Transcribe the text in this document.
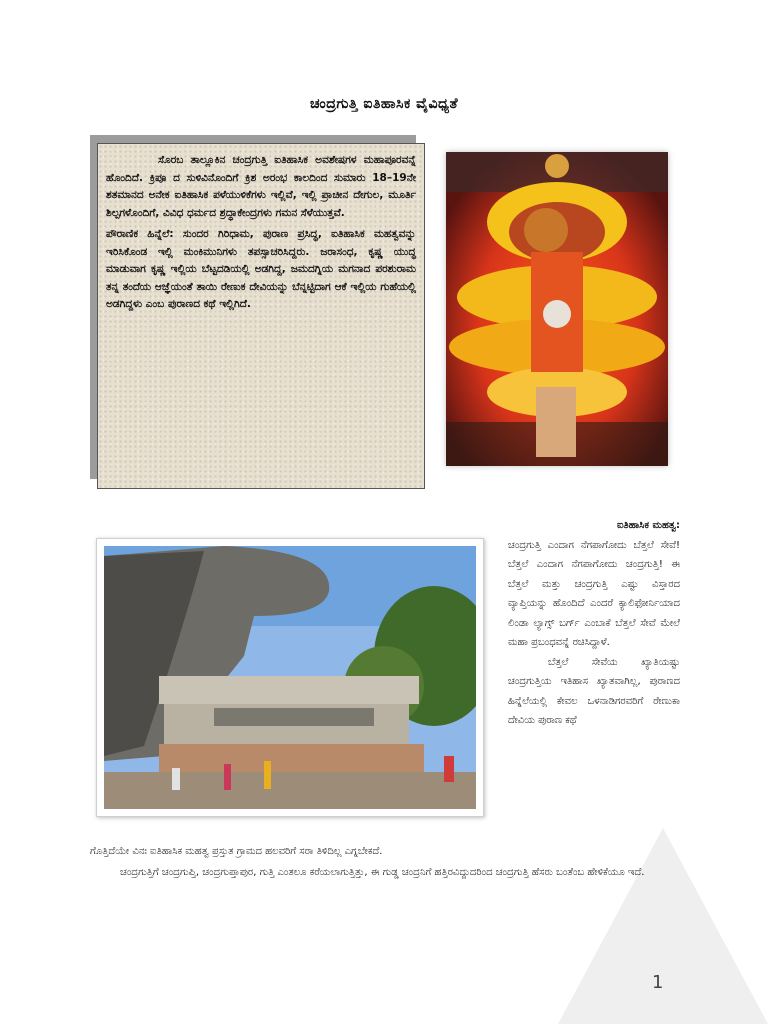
ಚಂದ್ರಗುತ್ತಿ ಐತಿಹಾಸಿಕ ವೈವಿಧ್ಯತೆ

ಸೊರಬ ತಾಲ್ಲೂಕಿನ ಚಂದ್ರಗುತ್ತಿ ಐತಿಹಾಸಿಕ ಅವಶೇಷಗಳ ಮಹಾಪೂರವನ್ನೆ ಹೊಂದಿದೆ. ಕ್ರಿಪೂ ದ ಸುಳಿವಿನೊಂದಿಗೆ ಕ್ರಿಶ ಅರಂಭ ಕಾಲದಿಂದ ಸುಮಾರು 18–19ನೇ ಶತಮಾನದ ಅನೇಕ ಐತಿಹಾಸಿಕ ಪಳೆಯುಳಿಕೆಗಳು ಇಲ್ಲಿವೆ, ಇಲ್ಲಿ ಪ್ರಾಚೀನ ದೇಗುಲ, ಮೂರ್ತಿ ಶಿಲ್ಪಗಳೊಂದಿಗೆ, ವಿವಿಧ ಧರ್ಮದ ಶ್ರದ್ಧಾಕೇಂದ್ರಗಳು ಗಮನ ಸೆಳೆಯುತ್ತವೆ.

ಪೌರಾಣಿಕ ಹಿನ್ನೆಲೆ: ಸುಂದರ ಗಿರಿಧಾಮ, ಪುರಾಣ ಪ್ರಸಿದ್ಧ, ಐತಿಹಾಸಿಕ ಮಹತ್ವವನ್ನು ಇರಿಸಿಕೊಂಡ ಇಲ್ಲಿ ಮಂಕಿಮುನಿಗಳು ತಪಸ್ಸಾಚರಿಸಿದ್ದರು. ಜರಾಸಂಧ, ಕೃಷ್ಣ ಯುದ್ಧ ಮಾಡುವಾಗ ಕೃಷ್ಣ ಇಲ್ಲಿಯ ಬೆಟ್ಟದಡಿಯಲ್ಲಿ ಅಡಗಿದ್ದ, ಜಮದಗ್ನಿಯ ಮಗನಾದ ಪರಶುರಾಮ ತನ್ನ ತಂದೆಯ ಆಜ್ಞೆಯಂತೆ ತಾಯಿ ರೇಣುಕ ದೇವಿಯನ್ನು ಬೆನ್ನಟ್ಟಿದಾಗ ಆಕೆ ಇಲ್ಲಿಯ ಗುಹೆಯಲ್ಲಿ ಅಡಗಿದ್ದಳು ಎಂಬ ಪುರಾಣದ ಕಥೆ ಇಲ್ಲಿಗಿದೆ.

ಐತಿಹಾಸಿಕ ಮಹತ್ವ:

ಚಂದ್ರಗುತ್ತಿ ಎಂದಾಗ ನೆಗಪಾಗೋದು ಬೆತ್ತಲೆ ಸೇವೆ! ಬೆತ್ತಲೆ ಎಂದಾಗ ನೆಗಪಾಗೋದು ಚಂದ್ರಗುತ್ತಿ! ಈ ಬೆತ್ತಲೆ ಮತ್ತು ಚಂದ್ರಗುತ್ತಿ ಎಷ್ಟು ವಿಸ್ತಾರದ ವ್ಯಾಪ್ತಿಯನ್ನು ಹೊಂದಿದೆ ಎಂದರೆ ಕ್ಯಾಲಿಫೋರ್ನಿಯಾದ ಲಿಂಡಾ ಲ್ಯಾಗ್ಸ್ ಬರ್ಗ್ ಎಂಬಾಕೆ ಬೆತ್ತಲೆ ಸೇವೆ ಮೇಲೆ ಮಹಾ ಪ್ರಬಂಧವನ್ನೆ ರಚಿಸಿದ್ದಾಳೆ.

ಬೆತ್ತಲೆ ಸೇವೆಯ ಖ್ಯಾತಿಯಷ್ಟು ಚಂದ್ರಗುತ್ತಿಯ ಇತಿಹಾಸ ಖ್ಯಾತವಾಗಿಲ್ಲ, ಪುರಾಣದ ಹಿನ್ನೆಲೆಯಲ್ಲಿ ಕೇವಲ ಒಳನಾಡಿಗರವರಿಗೆ ರೇಣುಕಾ ದೇವಿಯ ಪುರಾಣ ಕಥೆ

ಗೊತ್ತಿದೆಯೇ ವಿನಃ ಐತಿಹಾಸಿಕ ಮಹತ್ವ ಪ್ರಸ್ತುತ ಗ್ರಾಮದ ಹಲವರಿಗೆ ಸರಾ ತಿಳಿದಿಲ್ಲ ಎಗ್ನಬೇಕದೆ.

ಚಂದ್ರಗುತ್ತಿಗೆ ಚಂದ್ರಗುಪ್ತಿ, ಚಂದ್ರಗುಪ್ತಾಪುರ, ಗುತ್ತಿ ಎಂತಲೂ ಕರೆಯಲಾಗುತ್ತಿತ್ತು, ಈ ಗುಡ್ಡ ಚಂದ್ರನಿಗೆ ಹತ್ತಿರವಿದ್ದುದರಿಂದ ಚಂದ್ರಗುತ್ತಿ ಹೆಸರು ಬಂತೆಂಬ ಹೇಳಿಕೆಯೂ ಇದೆ.

1
